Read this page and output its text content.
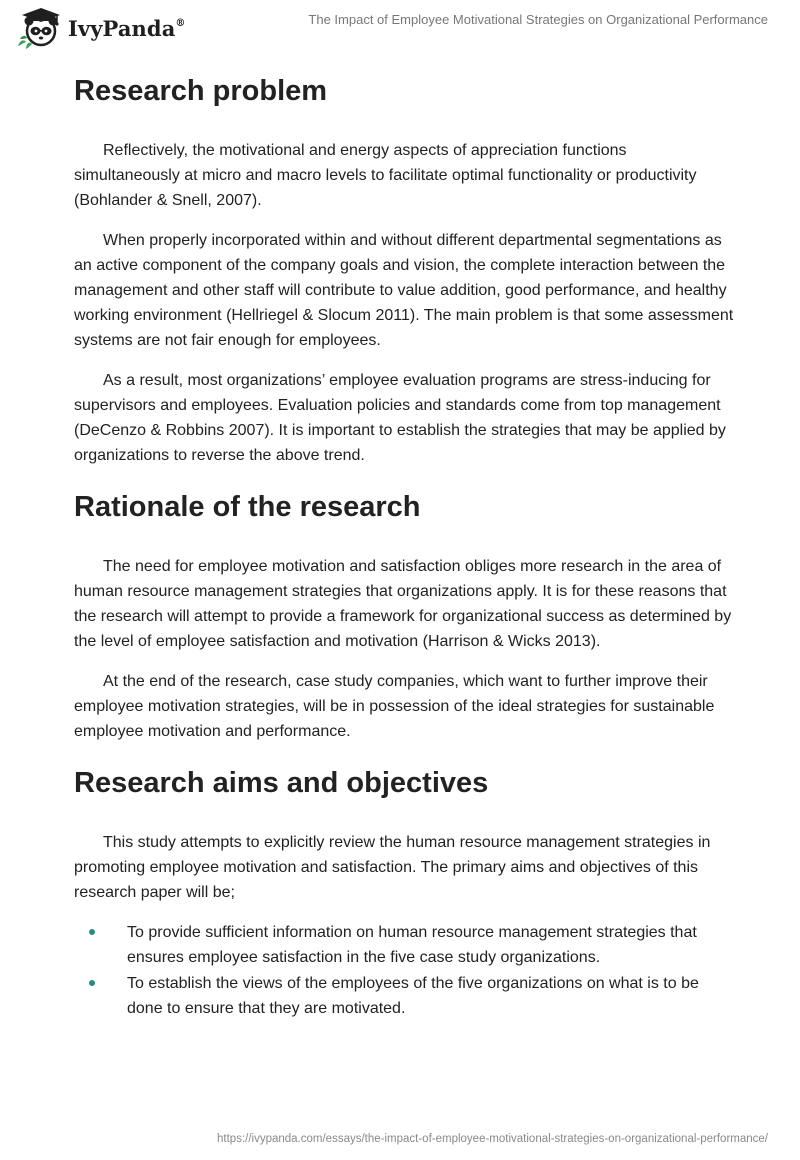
IvyPanda®	The Impact of Employee Motivational Strategies on Organizational Performance
Research problem

Reflectively, the motivational and energy aspects of appreciation functions simultaneously at micro and macro levels to facilitate optimal functionality or productivity (Bohlander & Snell, 2007).

When properly incorporated within and without different departmental segmentations as an active component of the company goals and vision, the complete interaction between the management and other staff will contribute to value addition, good performance, and healthy working environment (Hellriegel & Slocum 2011). The main problem is that some assessment systems are not fair enough for employees.

As a result, most organizations’ employee evaluation programs are stress-inducing for supervisors and employees. Evaluation policies and standards come from top management (DeCenzo & Robbins 2007). It is important to establish the strategies that may be applied by organizations to reverse the above trend.

Rationale of the research

The need for employee motivation and satisfaction obliges more research in the area of human resource management strategies that organizations apply. It is for these reasons that the research will attempt to provide a framework for organizational success as determined by the level of employee satisfaction and motivation (Harrison & Wicks 2013).

At the end of the research, case study companies, which want to further improve their employee motivation strategies, will be in possession of the ideal strategies for sustainable employee motivation and performance.

Research aims and objectives

This study attempts to explicitly review the human resource management strategies in promoting employee motivation and satisfaction. The primary aims and objectives of this research paper will be;

To provide sufficient information on human resource management strategies that ensures employee satisfaction in the five case study organizations.
To establish the views of the employees of the five organizations on what is to be done to ensure that they are motivated.
https://ivypanda.com/essays/the-impact-of-employee-motivational-strategies-on-organizational-performance/
